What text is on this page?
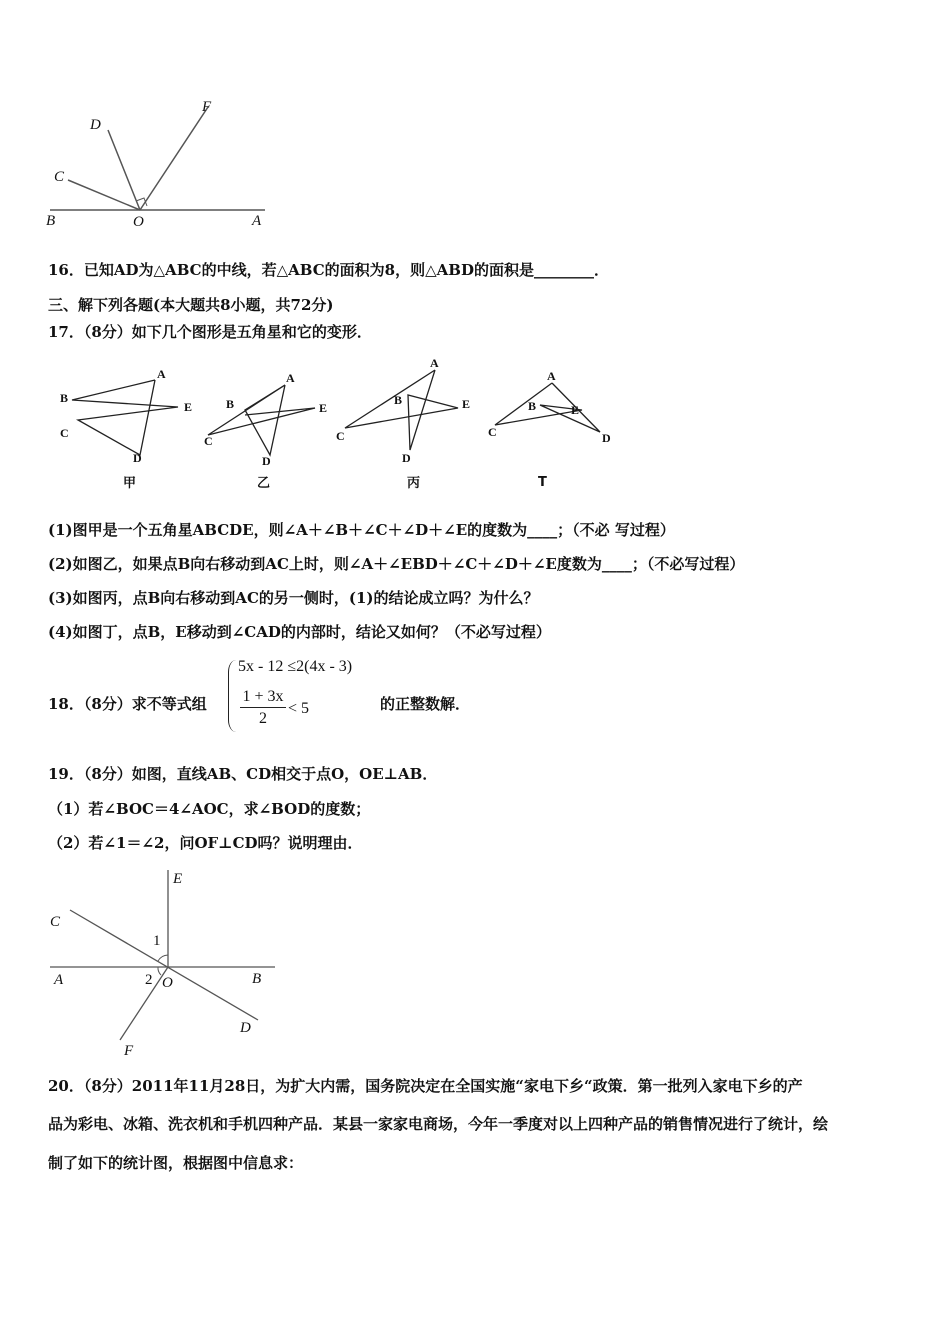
D
F
C
B	O	A
16．已知AD为△ABC的中线，若△ABC的面积为8，则△ABD的面积是________．
三、解下列各题(本大题共8小题，共72分)
17．（8分）如下几个图形是五角星和它的变形．
A
B
C
D
E
甲
A
B
C
D
E
乙
A
B
C
D
E
丙
A
B
C	D
E
T
(1)图甲是一个五角星ABCDE，则∠A＋∠B＋∠C＋∠D＋∠E的度数为____；（不必 写过程）
(2)如图乙，如果点B向右移动到AC上时，则∠A＋∠EBD＋∠C＋∠D＋∠E度数为____；（不必写过程）
(3)如图丙，点B向右移动到AC的另一侧时，(1)的结论成立吗？为什么？
(4)如图丁，点B，E移动到∠CAD的内部时，结论又如何？（不必写过程）
18．（8分）求不等式组
5x - 12 ≤2(4x - 3)
$\frac{1 + 3x}{2} < 5$	的正整数解．
19．（8分）如图，直线AB、CD相交于点O，OE⊥AB．
（1）若∠BOC＝4∠AOC，求∠BOD的度数；
（2）若∠1＝∠2，问OF⊥CD吗？说明理由．
E
C
1
A	2 O	B
D
F
20．（8分）2011年11月28日，为扩大内需，国务院决定在全国实施“家电下乡“政策．第一批列入家电下乡的产
品为彩电、冰箱、洗衣机和手机四种产品．某县一家家电商场，今年一季度对以上四种产品的销售情况进行了统计，绘
制了如下的统计图，根据图中信息求：
